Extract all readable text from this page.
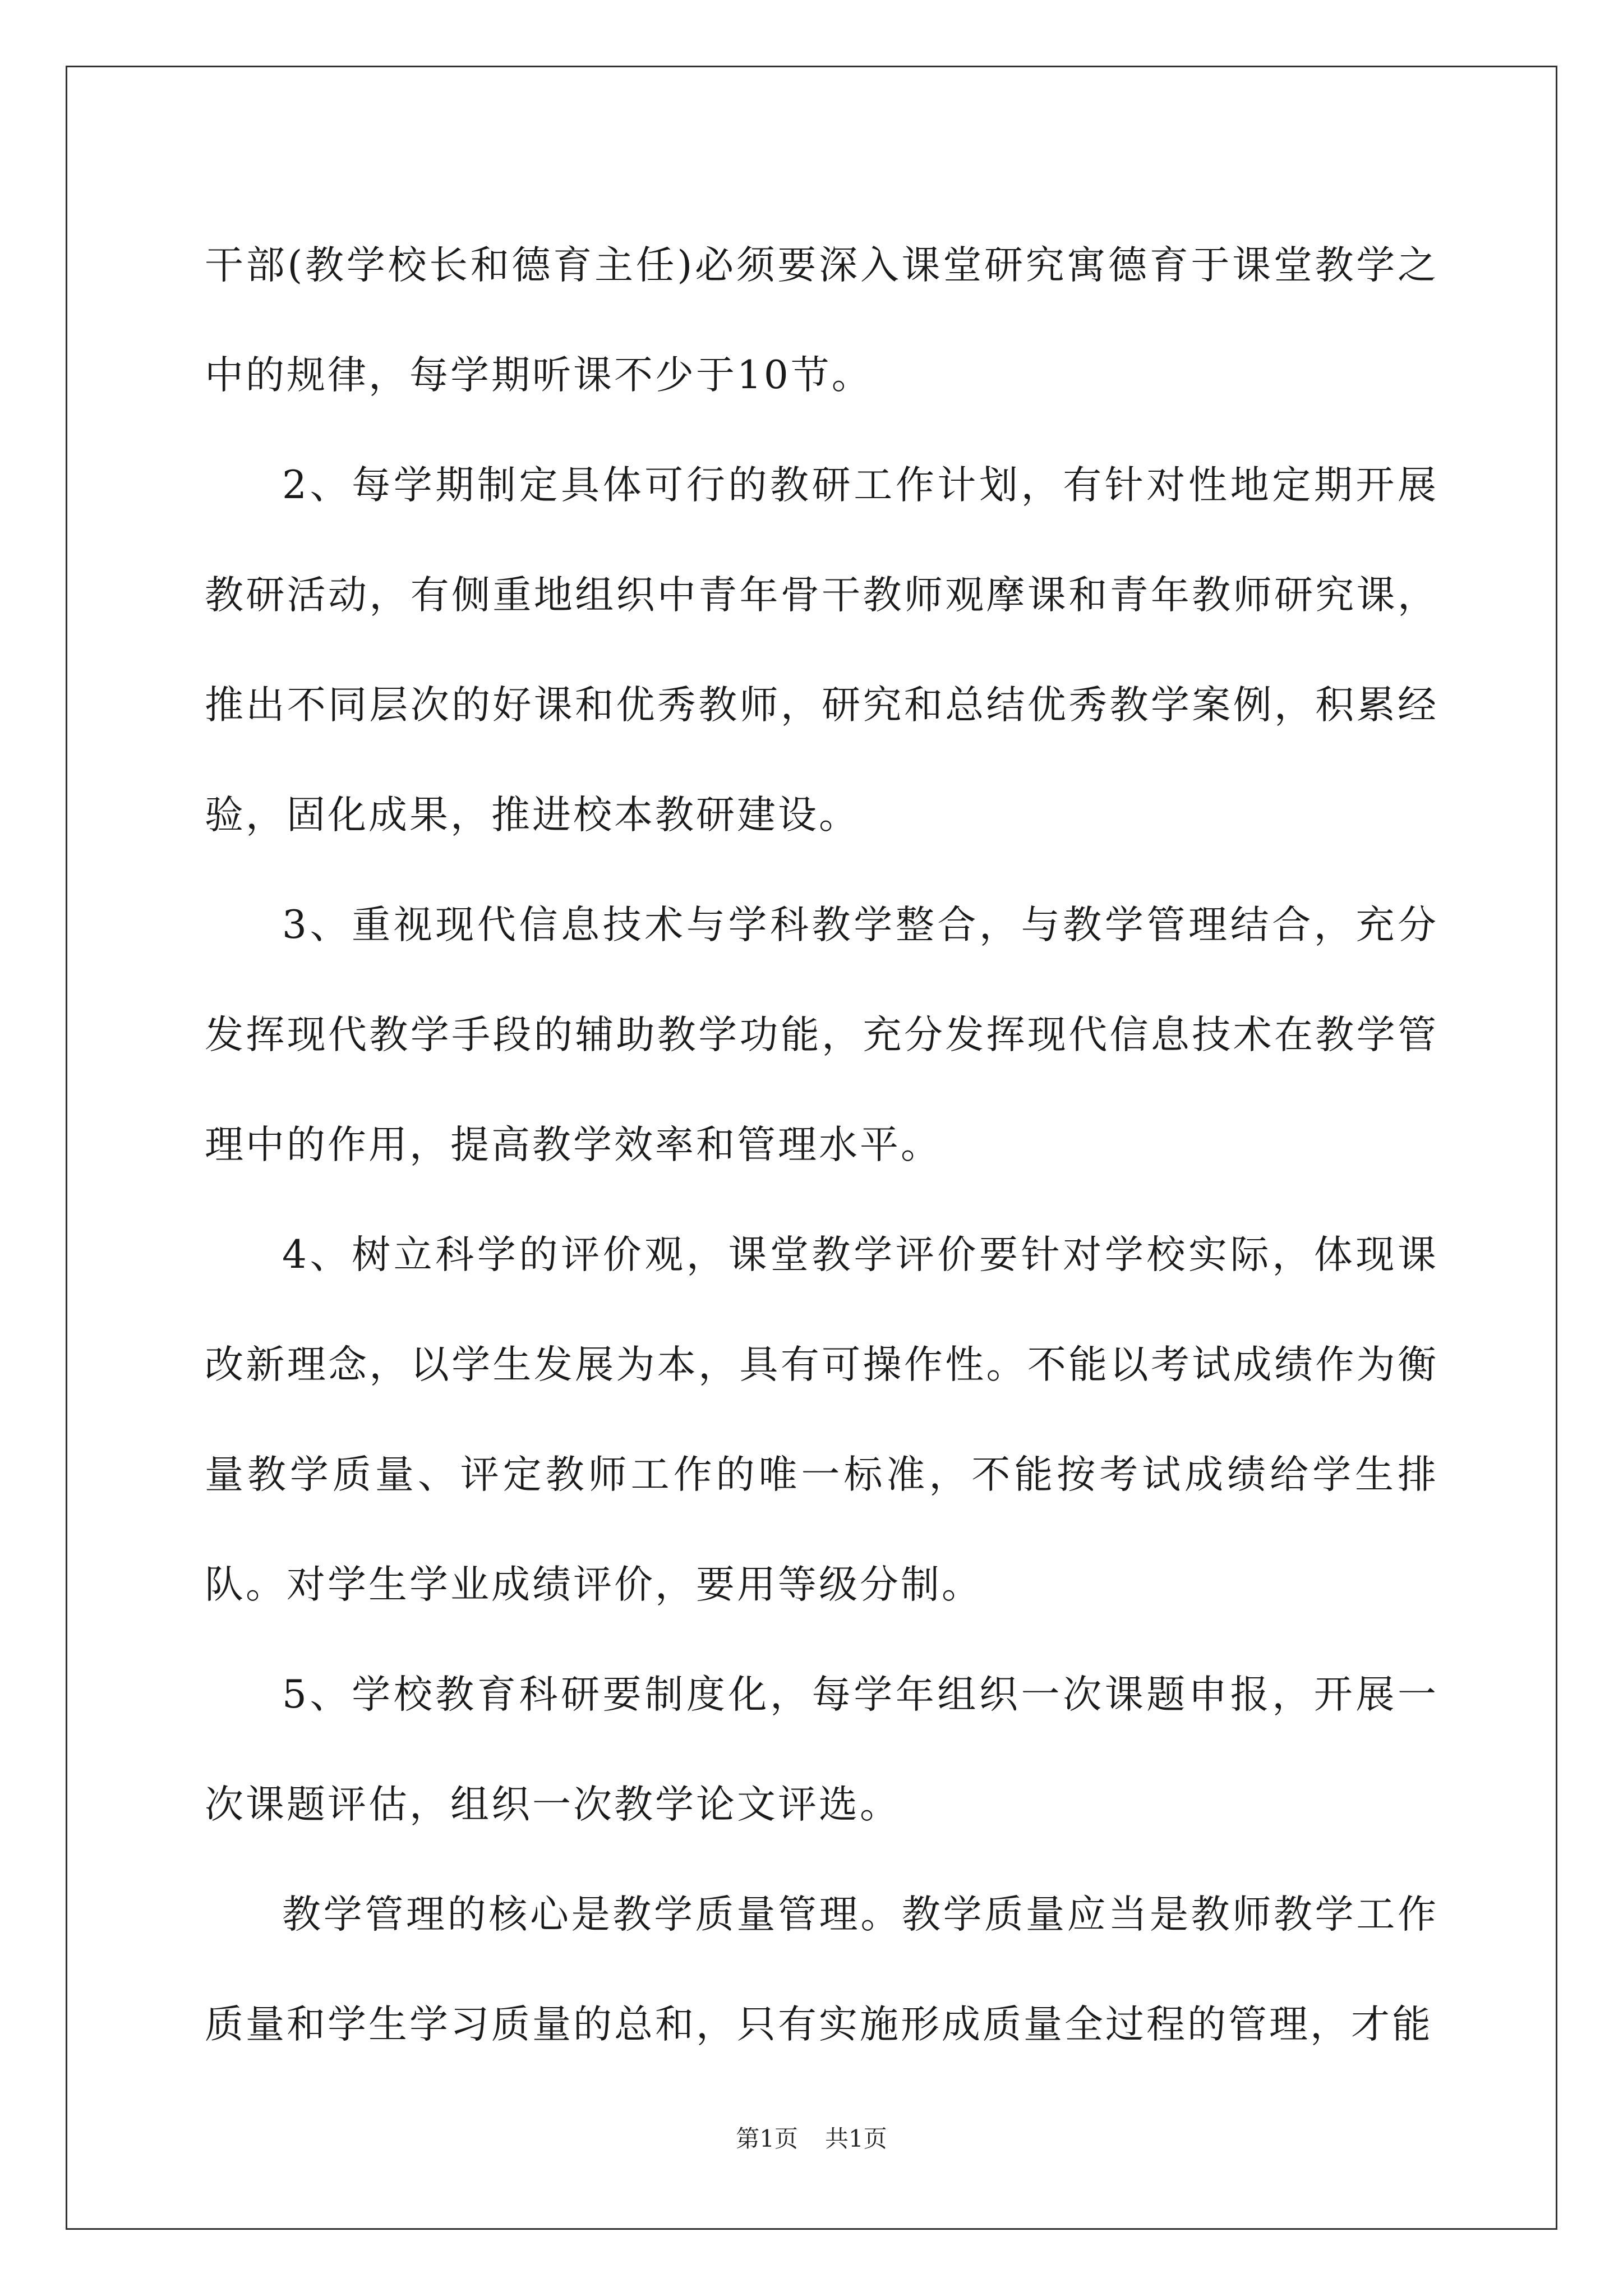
干部(教学校长和德育主任)必须要深入课堂研究寓德育于课堂教学之中的规律，每学期听课不少于10节。

2、每学期制定具体可行的教研工作计划，有针对性地定期开展教研活动，有侧重地组织中青年骨干教师观摩课和青年教师研究课，推出不同层次的好课和优秀教师，研究和总结优秀教学案例，积累经验，固化成果，推进校本教研建设。

3、重视现代信息技术与学科教学整合，与教学管理结合，充分发挥现代教学手段的辅助教学功能，充分发挥现代信息技术在教学管理中的作用，提高教学效率和管理水平。

4、树立科学的评价观，课堂教学评价要针对学校实际，体现课改新理念，以学生发展为本，具有可操作性。不能以考试成绩作为衡量教学质量、评定教师工作的唯一标准，不能按考试成绩给学生排队。对学生学业成绩评价，要用等级分制。

5、学校教育科研要制度化，每学年组织一次课题申报，开展一次课题评估，组织一次教学论文评选。

教学管理的核心是教学质量管理。教学质量应当是教师教学工作质量和学生学习质量的总和，只有实施形成质量全过程的管理，才能

第1页 共1页
